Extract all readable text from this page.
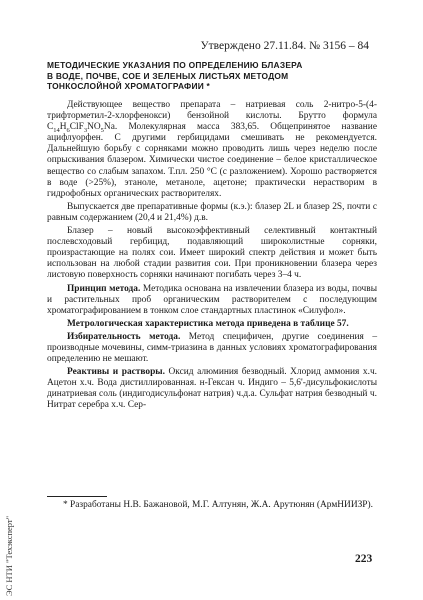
Утверждено 27.11.84. № 3156 – 84
МЕТОДИЧЕСКИЕ УКАЗАНИЯ ПО ОПРЕДЕЛЕНИЮ БЛАЗЕРА
В ВОДЕ, ПОЧВЕ, СОЕ И ЗЕЛЕНЫХ ЛИСТЬЯХ МЕТОДОМ
ТОНКОСЛОЙНОЙ ХРОМАТОГРАФИИ *

Действующее вещество препарата – натриевая соль 2-нитро-5-(4-трифторметил-2-хлорфенокси) бензойной кислоты. Брутто формула $C_{14}H_6ClF_3NO_5Na$. Молекулярная масса 383,65. Общепринятое название ацифлуорфен. С другими гербицидами смешивать не рекомендуется. Дальнейшую борьбу с сорняками можно проводить лишь через неделю после опрыскивания блазером. Химически чистое соединение – белое кристаллическое вещество со слабым запахом. Т.пл. 250 °С (с разложением). Хорошо растворяется в воде (>25%), этаноле, метаноле, ацетоне; практически нерастворим в гидрофобных органических растворителях.

Выпускается две препаративные формы (к.э.): блазер 2L и блазер 2S, почти с равным содержанием (20,4 и 21,4%) д.в.

Блазер – новый высокоэффективный селективный контактный послевсходовый гербицид, подавляющий широколистные сорняки, произрастающие на полях сои. Имеет широкий спектр действия и может быть использован на любой стадии развития сои. При проникновении блазера через листовую поверхность сорняки начинают погибать через 3–4 ч.

Принцип метода. Методика основана на извлечении блазера из воды, почвы и растительных проб органическим растворителем с последующим хроматографированием в тонком слое стандартных пластинок «Силуфол».

Метрологическая характеристика метода приведена в таблице 57.

Избирательность метода. Метод специфичен, другие соединения – производные мочевины, симм-триазина в данных условиях хроматографирования определению не мешают.

Реактивы и растворы. Оксид алюминия безводный. Хлорид аммония х.ч. Ацетон х.ч. Вода дистиллированная. н-Гексан ч. Индиго – 5,6'-дисульфокислоты динатриевая соль (индигодисульфонат натрия) ч.д.а. Сульфат натрия безводный ч. Нитрат серебра х.ч. Сер-

* Разработаны Н.В. Бажановой, М.Г. Алтунян, Ж.А. Арутюнян (АрмНИИЗР).

223
ЭС НТИ "Техэксперт"
